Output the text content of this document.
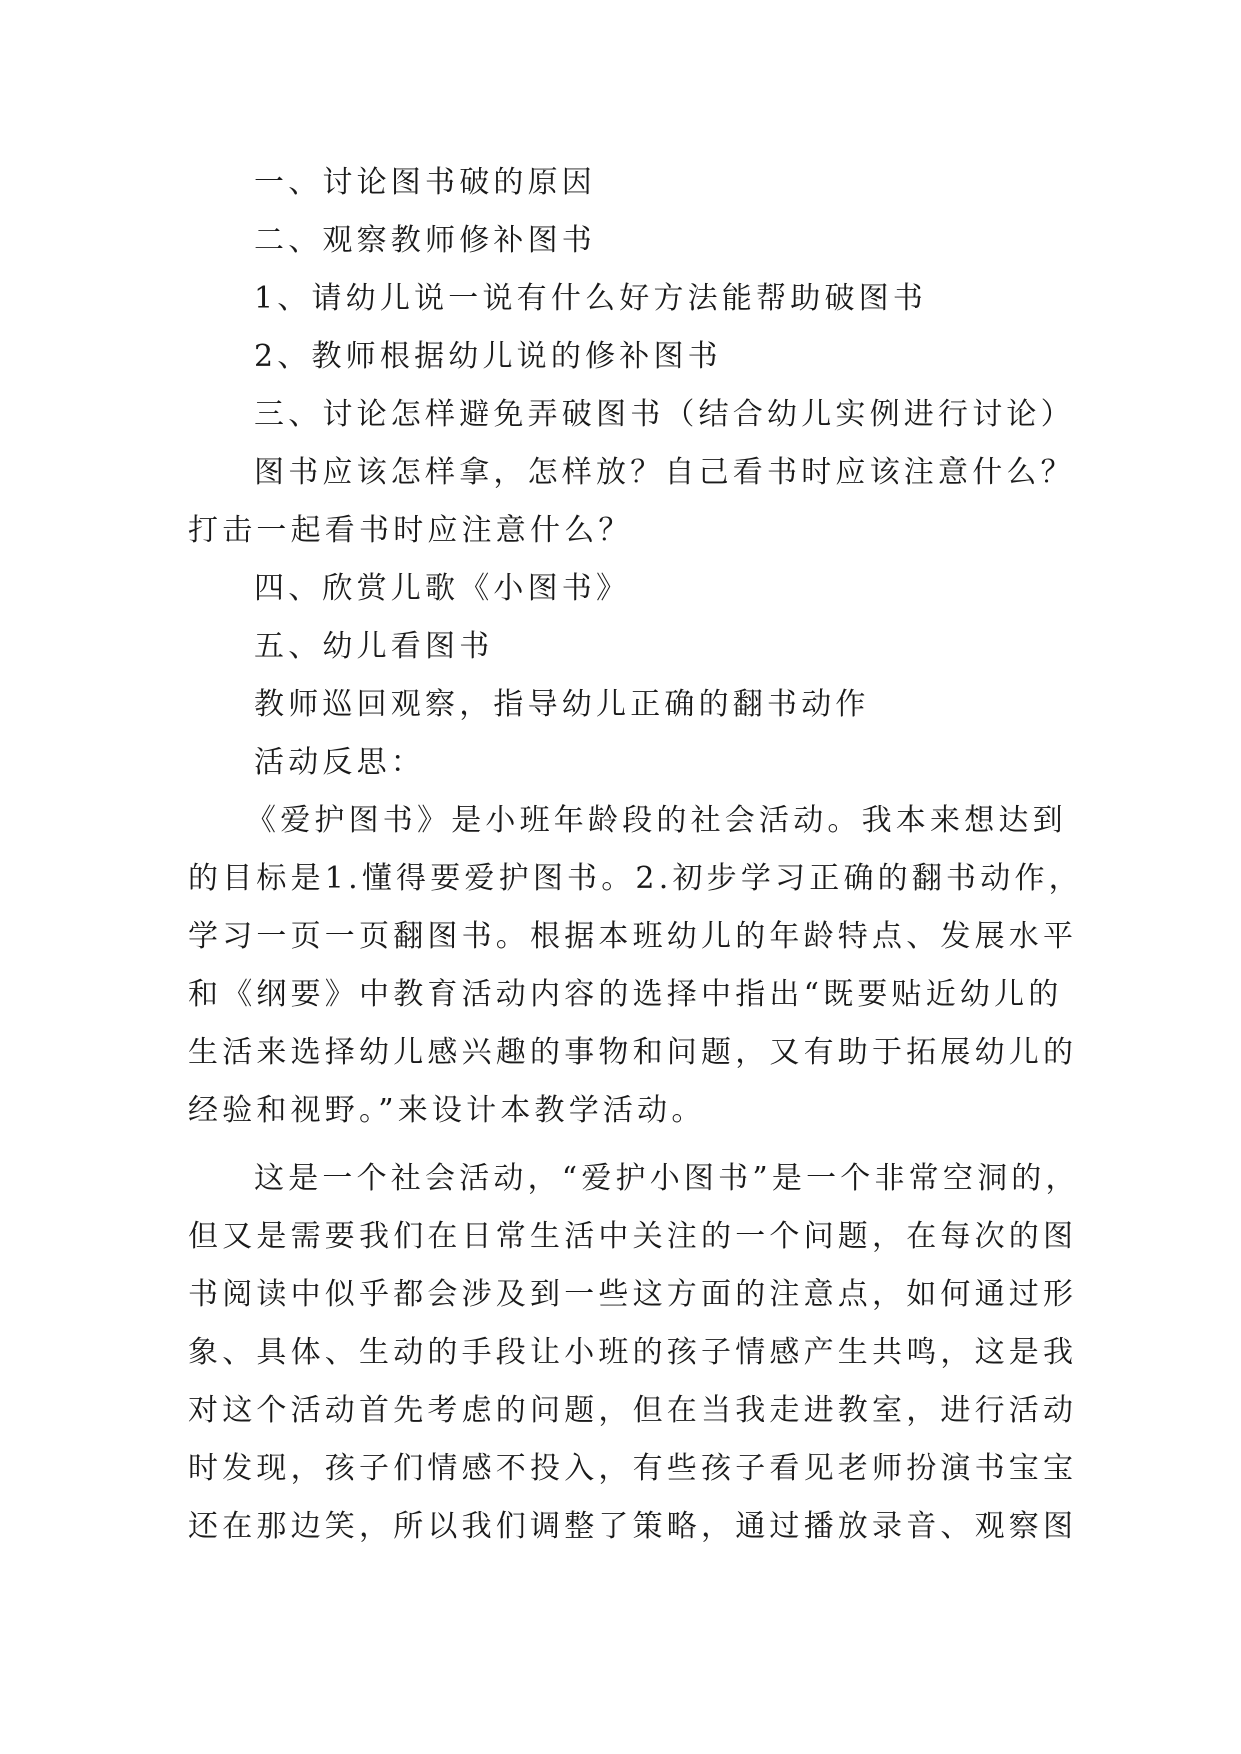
一、讨论图书破的原因
二、观察教师修补图书
1、请幼儿说一说有什么好方法能帮助破图书
2、教师根据幼儿说的修补图书
三、讨论怎样避免弄破图书（结合幼儿实例进行讨论）
图书应该怎样拿，怎样放？自己看书时应该注意什么？
打击一起看书时应注意什么？
四、欣赏儿歌《小图书》
五、幼儿看图书
教师巡回观察，指导幼儿正确的翻书动作
活动反思：
《爱护图书》是小班年龄段的社会活动。我本来想达到
的目标是1.懂得要爱护图书。2.初步学习正确的翻书动作，
学习一页一页翻图书。根据本班幼儿的年龄特点、发展水平
和《纲要》中教育活动内容的选择中指出“既要贴近幼儿的
生活来选择幼儿感兴趣的事物和问题，又有助于拓展幼儿的
经验和视野。”来设计本教学活动。
这是一个社会活动，“爱护小图书”是一个非常空洞的，
但又是需要我们在日常生活中关注的一个问题，在每次的图
书阅读中似乎都会涉及到一些这方面的注意点，如何通过形
象、具体、生动的手段让小班的孩子情感产生共鸣，这是我
对这个活动首先考虑的问题，但在当我走进教室，进行活动
时发现，孩子们情感不投入，有些孩子看见老师扮演书宝宝
还在那边笑，所以我们调整了策略，通过播放录音、观察图
